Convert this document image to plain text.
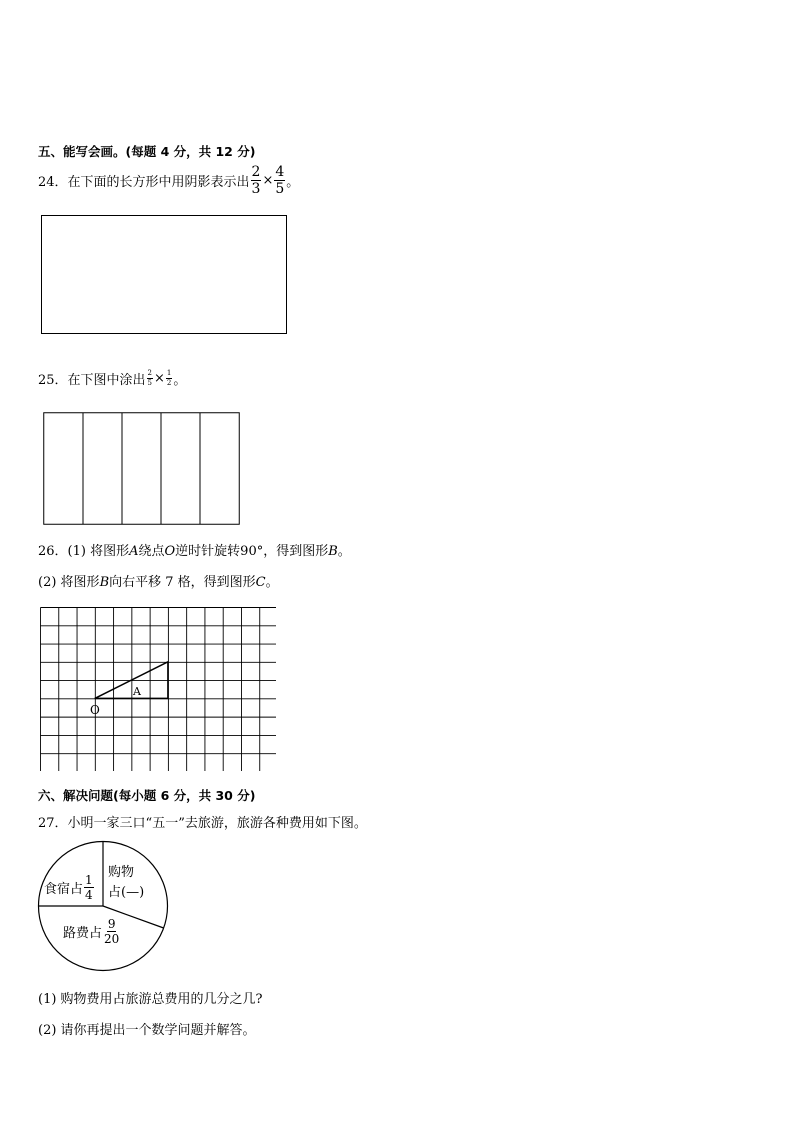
五、能写会画。(每题 4 分，共 12 分)
24．在下面的长方形中用阴影表示出 $\frac{2}{3} \times \frac{4}{5}$ 。
25．在下图中涂出 $\frac{2}{5} \times \frac{1}{2}$ 。
26．(1) 将图形A绕点O逆时针旋转90°，得到图形B。
(2) 将图形B向右平移 7 格，得到图形C。
A
O
六、解决问题(每小题 6 分，共 30 分)
27．小明一家三口“五一”去旅游，旅游各种费用如下图。
食宿占 $\frac{1}{4}$
购物
占(—)
路费占 $\frac{9}{20}$
(1) 购物费用占旅游总费用的几分之几?
(2) 请你再提出一个数学问题并解答。
